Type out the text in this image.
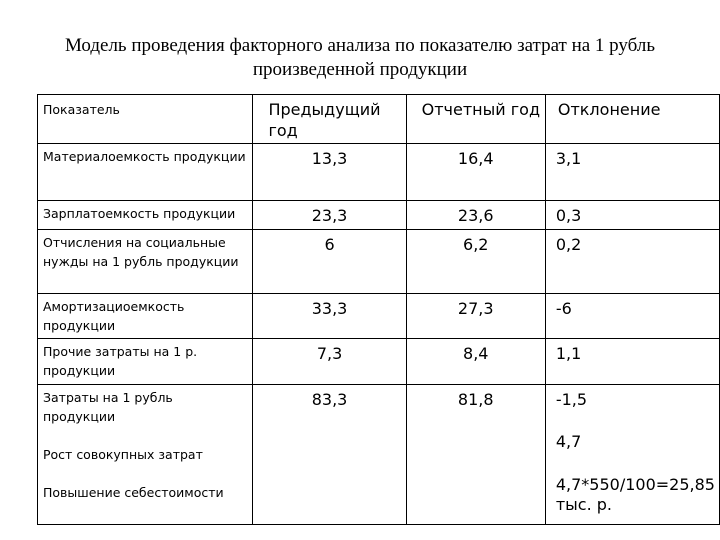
Модель проведения факторного анализа по показателю затрат на 1 рубль
произведенной продукции
Показатель	Предыдущий год	Отчетный год	Отклонение
Материалоемкость продукции	13,3	16,4	3,1
Зарплатоемкость продукции	23,3	23,6	0,3
Отчисления на социальные нужды на 1 рубль продукции	6	6,2	0,2
Амортизациоемкость продукции	33,3	27,3	-6
Прочие затраты на 1 р. продукции	7,3	8,4	1,1
Затраты на 1 рубль продукции	83,3	81,8	-1,5
Рост совокупных затрат			4,7
Повышение себестоимости			4,7*550/100=25,85 тыс. р.
